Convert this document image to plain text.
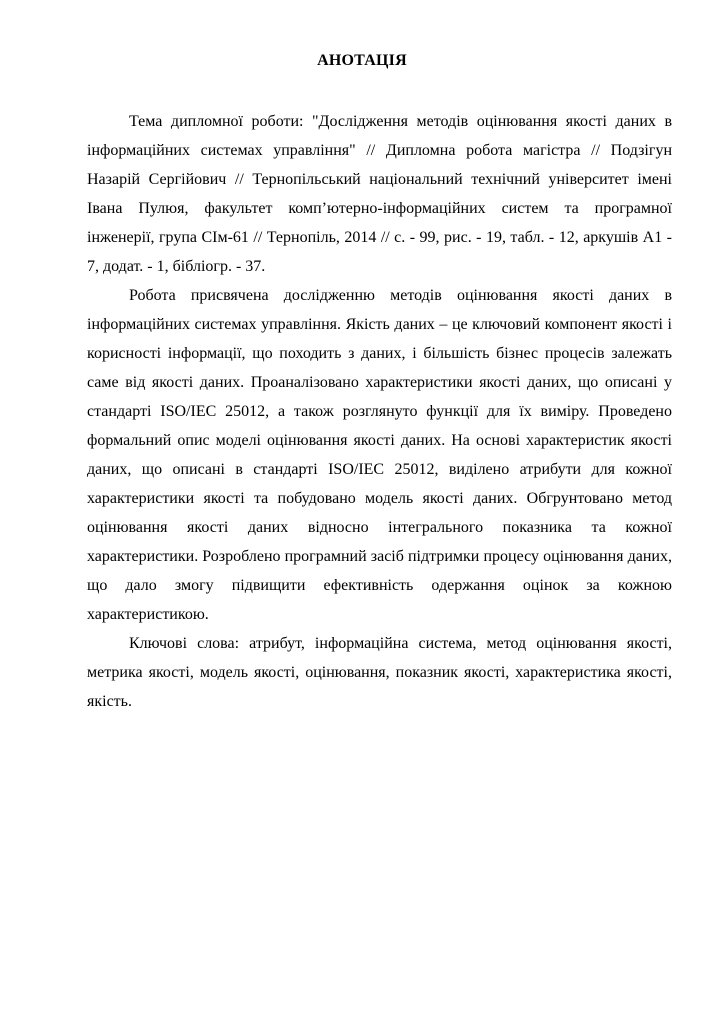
АНОТАЦІЯ

Тема дипломної роботи: "Дослідження методів оцінювання якості даних в інформаційних системах управління" // Дипломна робота магістра // Подзігун Назарій Сергійович // Тернопільський національний технічний університет імені Івана Пулюя, факультет комп’ютерно-інформаційних систем та програмної інженерії, група СІм-61 // Тернопіль, 2014 // с. - 99, рис. - 19, табл. - 12, аркушів А1 - 7, додат. - 1, бібліогр. - 37.

Робота присвячена дослідженню методів оцінювання якості даних в інформаційних системах управління. Якість даних – це ключовий компонент якості і корисності інформації, що походить з даних, і більшість бізнес процесів залежать саме від якості даних. Проаналізовано характеристики якості даних, що описані у стандарті ISO/IEC 25012, а також розглянуто функції для їх виміру. Проведено формальний опис моделі оцінювання якості даних. На основі характеристик якості даних, що описані в стандарті ISO/IEC 25012, виділено атрибути для кожної характеристики якості та побудовано модель якості даних. Обгрунтовано метод оцінювання якості даних відносно інтегрального показника та кожної характеристики. Розроблено програмний засіб підтримки процесу оцінювання даних, що дало змогу підвищити ефективність одержання оцінок за кожною характеристикою.

Ключові слова: атрибут, інформаційна система, метод оцінювання якості, метрика якості, модель якості, оцінювання, показник якості, характеристика якості, якість.
